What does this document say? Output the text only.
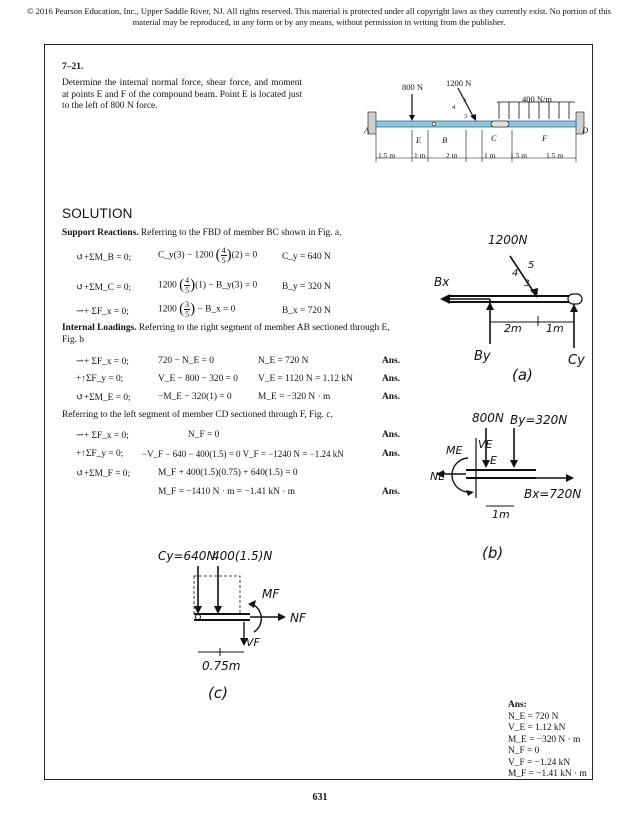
© 2016 Pearson Education, Inc., Upper Saddle River, NJ. All rights reserved. This material is protected under all copyright laws as they currently exist. No portion of this material may be reproduced, in any form or by any means, without permission in writing from the publisher.
7–21.
Determine the internal normal force, shear force, and moment at points E and F of the compound beam. Point E is located just to the left of 800 N force.
800 N	1200 N
400 N/m
4
5
3
A
E B	C	F
D
1.5 m	1 m	2 m	1 m 1.5 m	1.5 m
SOLUTION
Support Reactions. Referring to the FBD of member BC shown in Fig. a,
↺+ΣM_B = 0;	C_y(3) − 1200 ( $\frac{4}{5} )(2) = 0$	C_y = 640 N
↺+ΣM_C = 0;	1200 ( $\frac{4}{5} )(1)$ − B_y(3) = 0	B_y = 320 N
⇀+ ΣF_x = 0;	1200 ( $\frac{3}{5}$ ) − B_x = 0	B_x = 720 N
Internal Loadings. Referring to the right segment of member AB sectioned through E, Fig. b
⇀+ ΣF_x = 0;	720 − N_E = 0	N_E = 720 N	Ans.
+↑ΣF_y = 0;	V_E − 800 − 320 = 0 V_E = 1120 N = 1.12 kN	Ans.
↺+ΣM_E = 0;	−M_E − 320(1) = 0	M_E = −320 N · m	Ans.
Referring to the left segment of member CD sectioned through F, Fig. c,
⇀+ ΣF_x = 0;	N_F = 0	Ans.
+↑ΣF_y = 0; −V_F − 640 − 400(1.5) = 0 V_F = −1240 N = −1.24 kN	Ans.
↺+ΣM_F = 0;	M_F + 400(1.5)(0.75) + 640(1.5) = 0
M_F = −1410 N · m = −1.41 kN · m	Ans.
1200N
Bx
4
5
3
2m 1m
By	Cy
(a)
800N By=320N
ME VE
E
NE
Bx=720N
1m
(b)
Cy=640N
400(1.5)N
MF
NF
VF
0.75m
(c)
Ans:
N_E = 720 N
V_E = 1.12 kN
M_E = −320 N · m
N_F = 0
V_F = −1.24 kN
M_F = −1.41 kN · m
631
